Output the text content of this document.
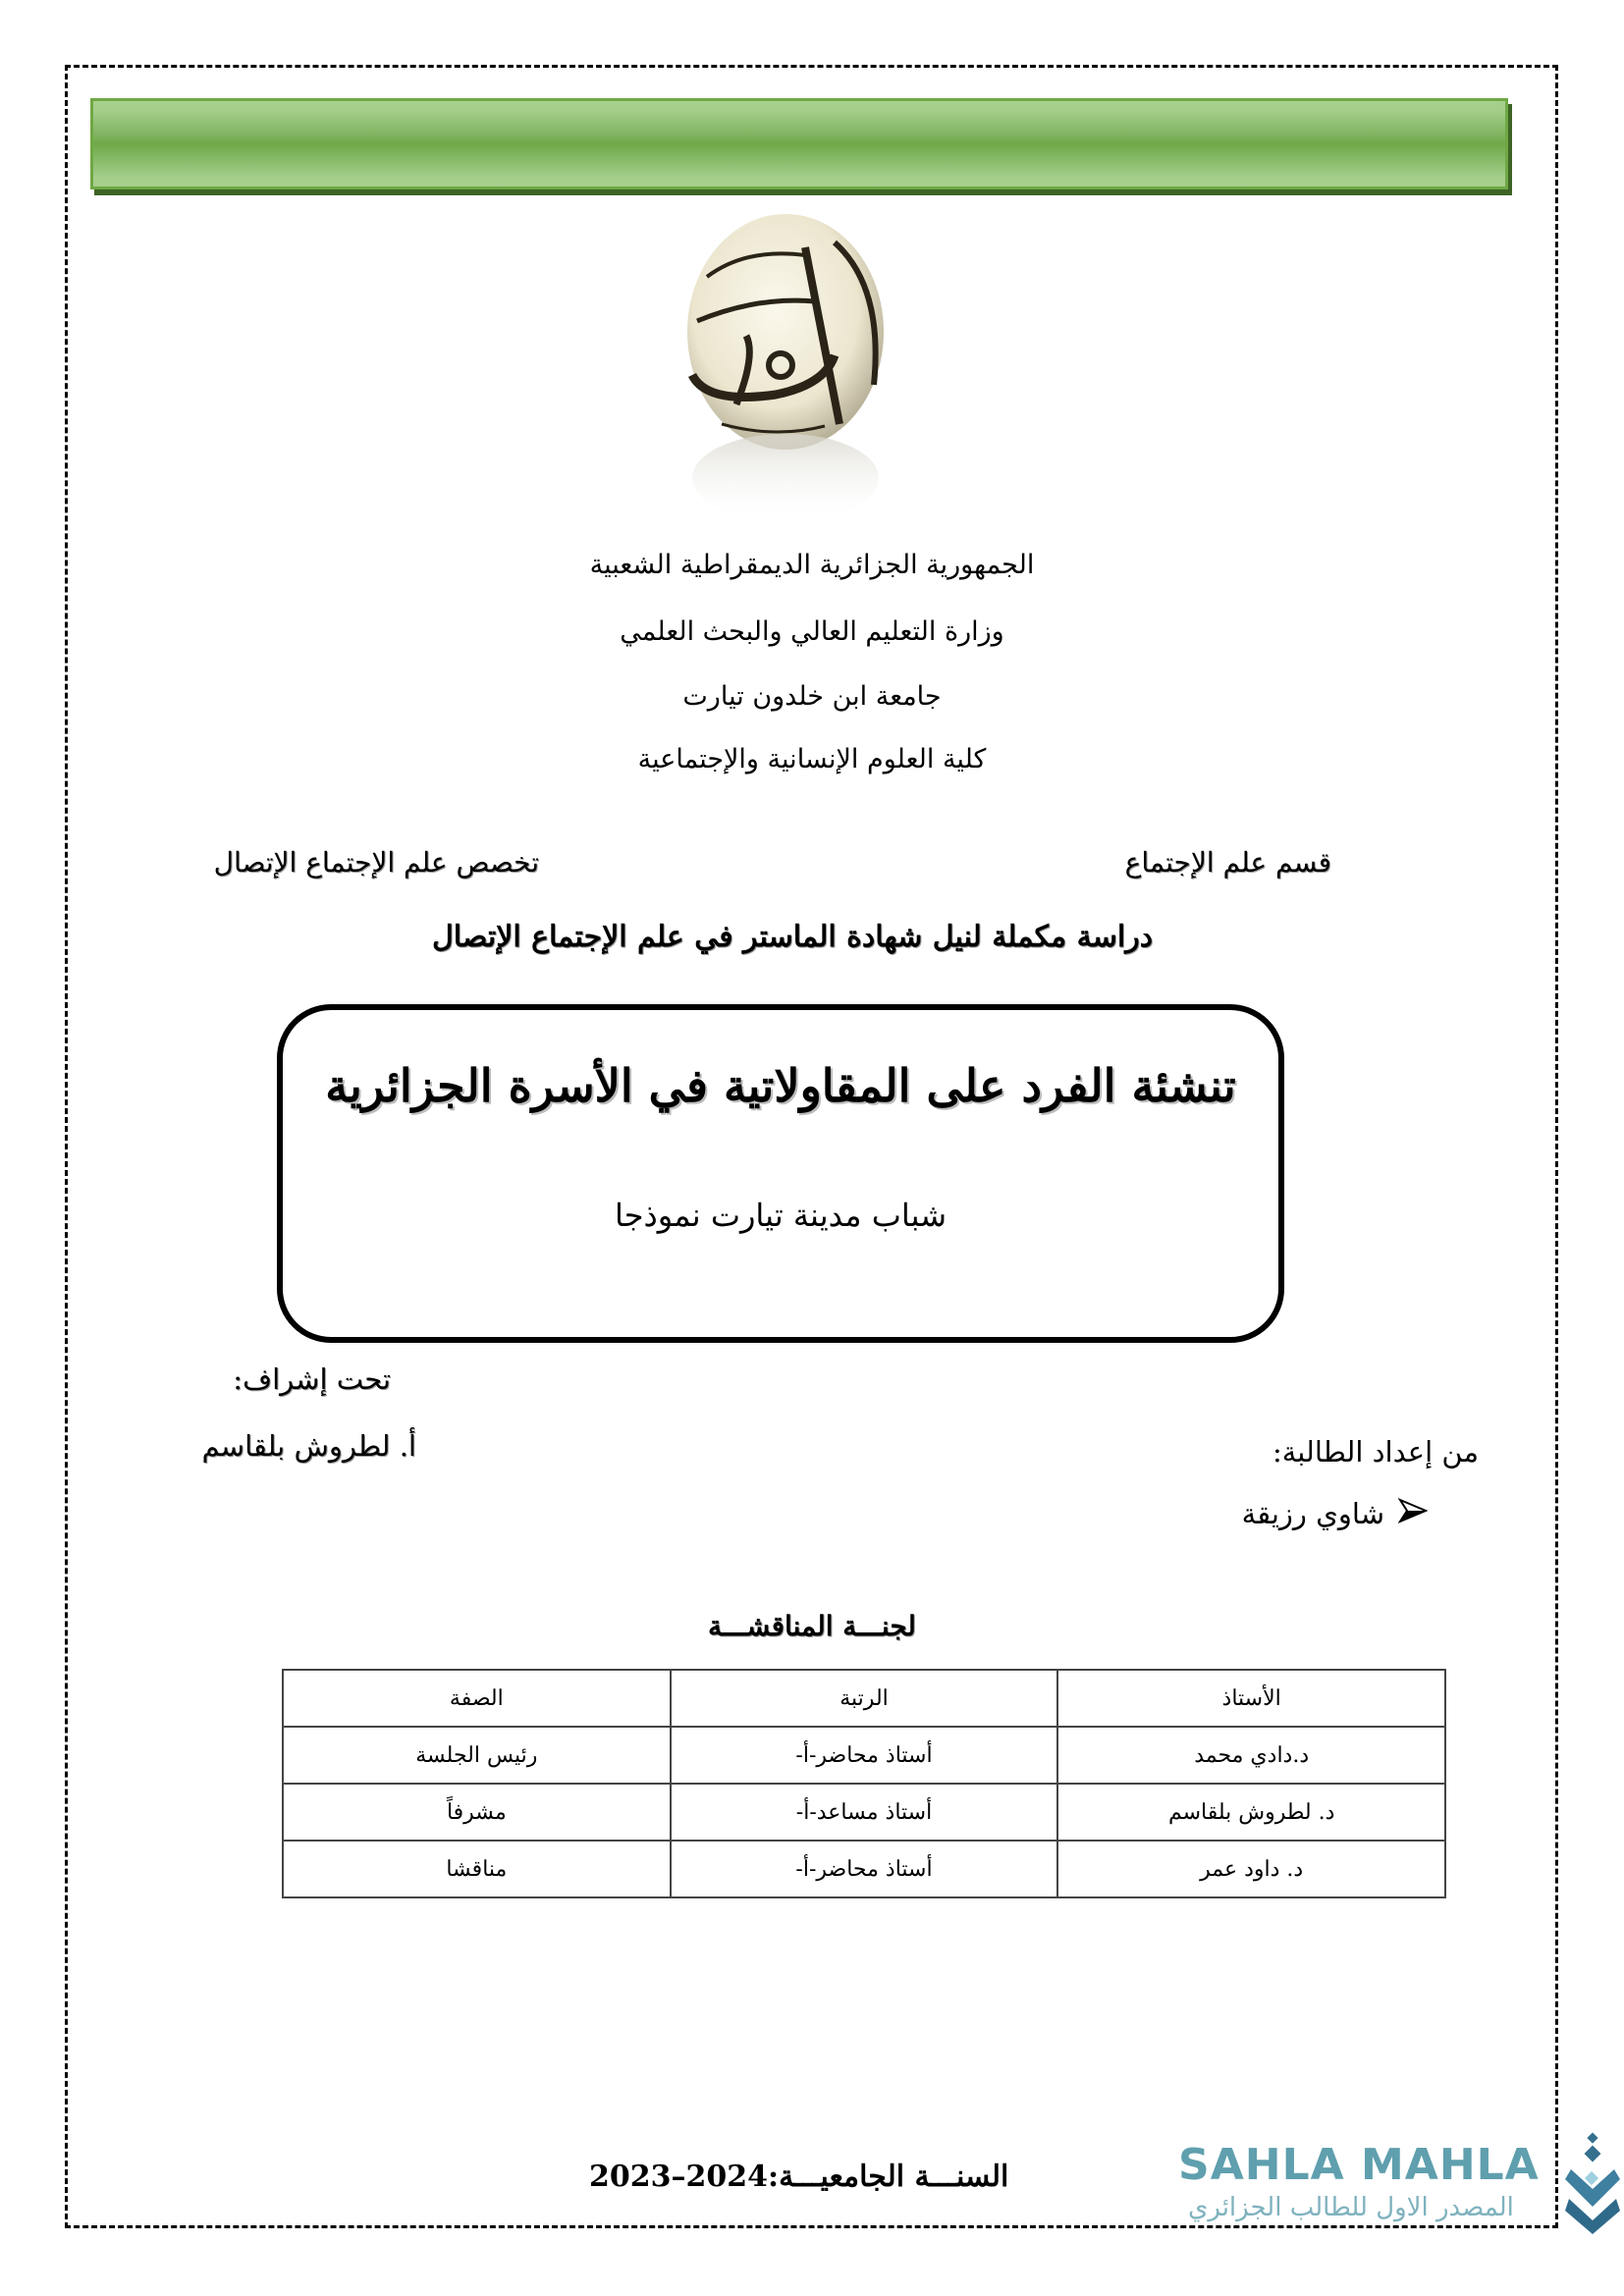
الجمهورية الجزائرية الديمقراطية الشعبية
وزارة التعليم العالي والبحث العلمي
جامعة ابن خلدون تيارت
كلية العلوم الإنسانية والإجتماعية
قسم علم الإجتماع
تخصص علم الإجتماع الإتصال
دراسة مكملة لنيل شهادة الماستر في علم الإجتماع الإتصال
تنشئة الفرد على المقاولاتية في الأسرة الجزائرية
شباب مدينة تيارت نموذجا
تحت إشراف:
أ. لطروش بلقاسم	من إعداد الطالبة:
شاوي رزيقة
لجنـــة المناقشـــة
الأستاذ	الرتبة	الصفة
د.دادي محمد	أستاذ محاضر-أ-	رئيس الجلسة
د. لطروش بلقاسم	أستاذ مساعد-أ-	مشرفاً
د. داود عمر	أستاذ محاضر-أ-	مناقشا
السنـــة الجامعيـــة:
2023–2024	SAHLA MAHLA
المصدر الاول للطالب الجزائري
